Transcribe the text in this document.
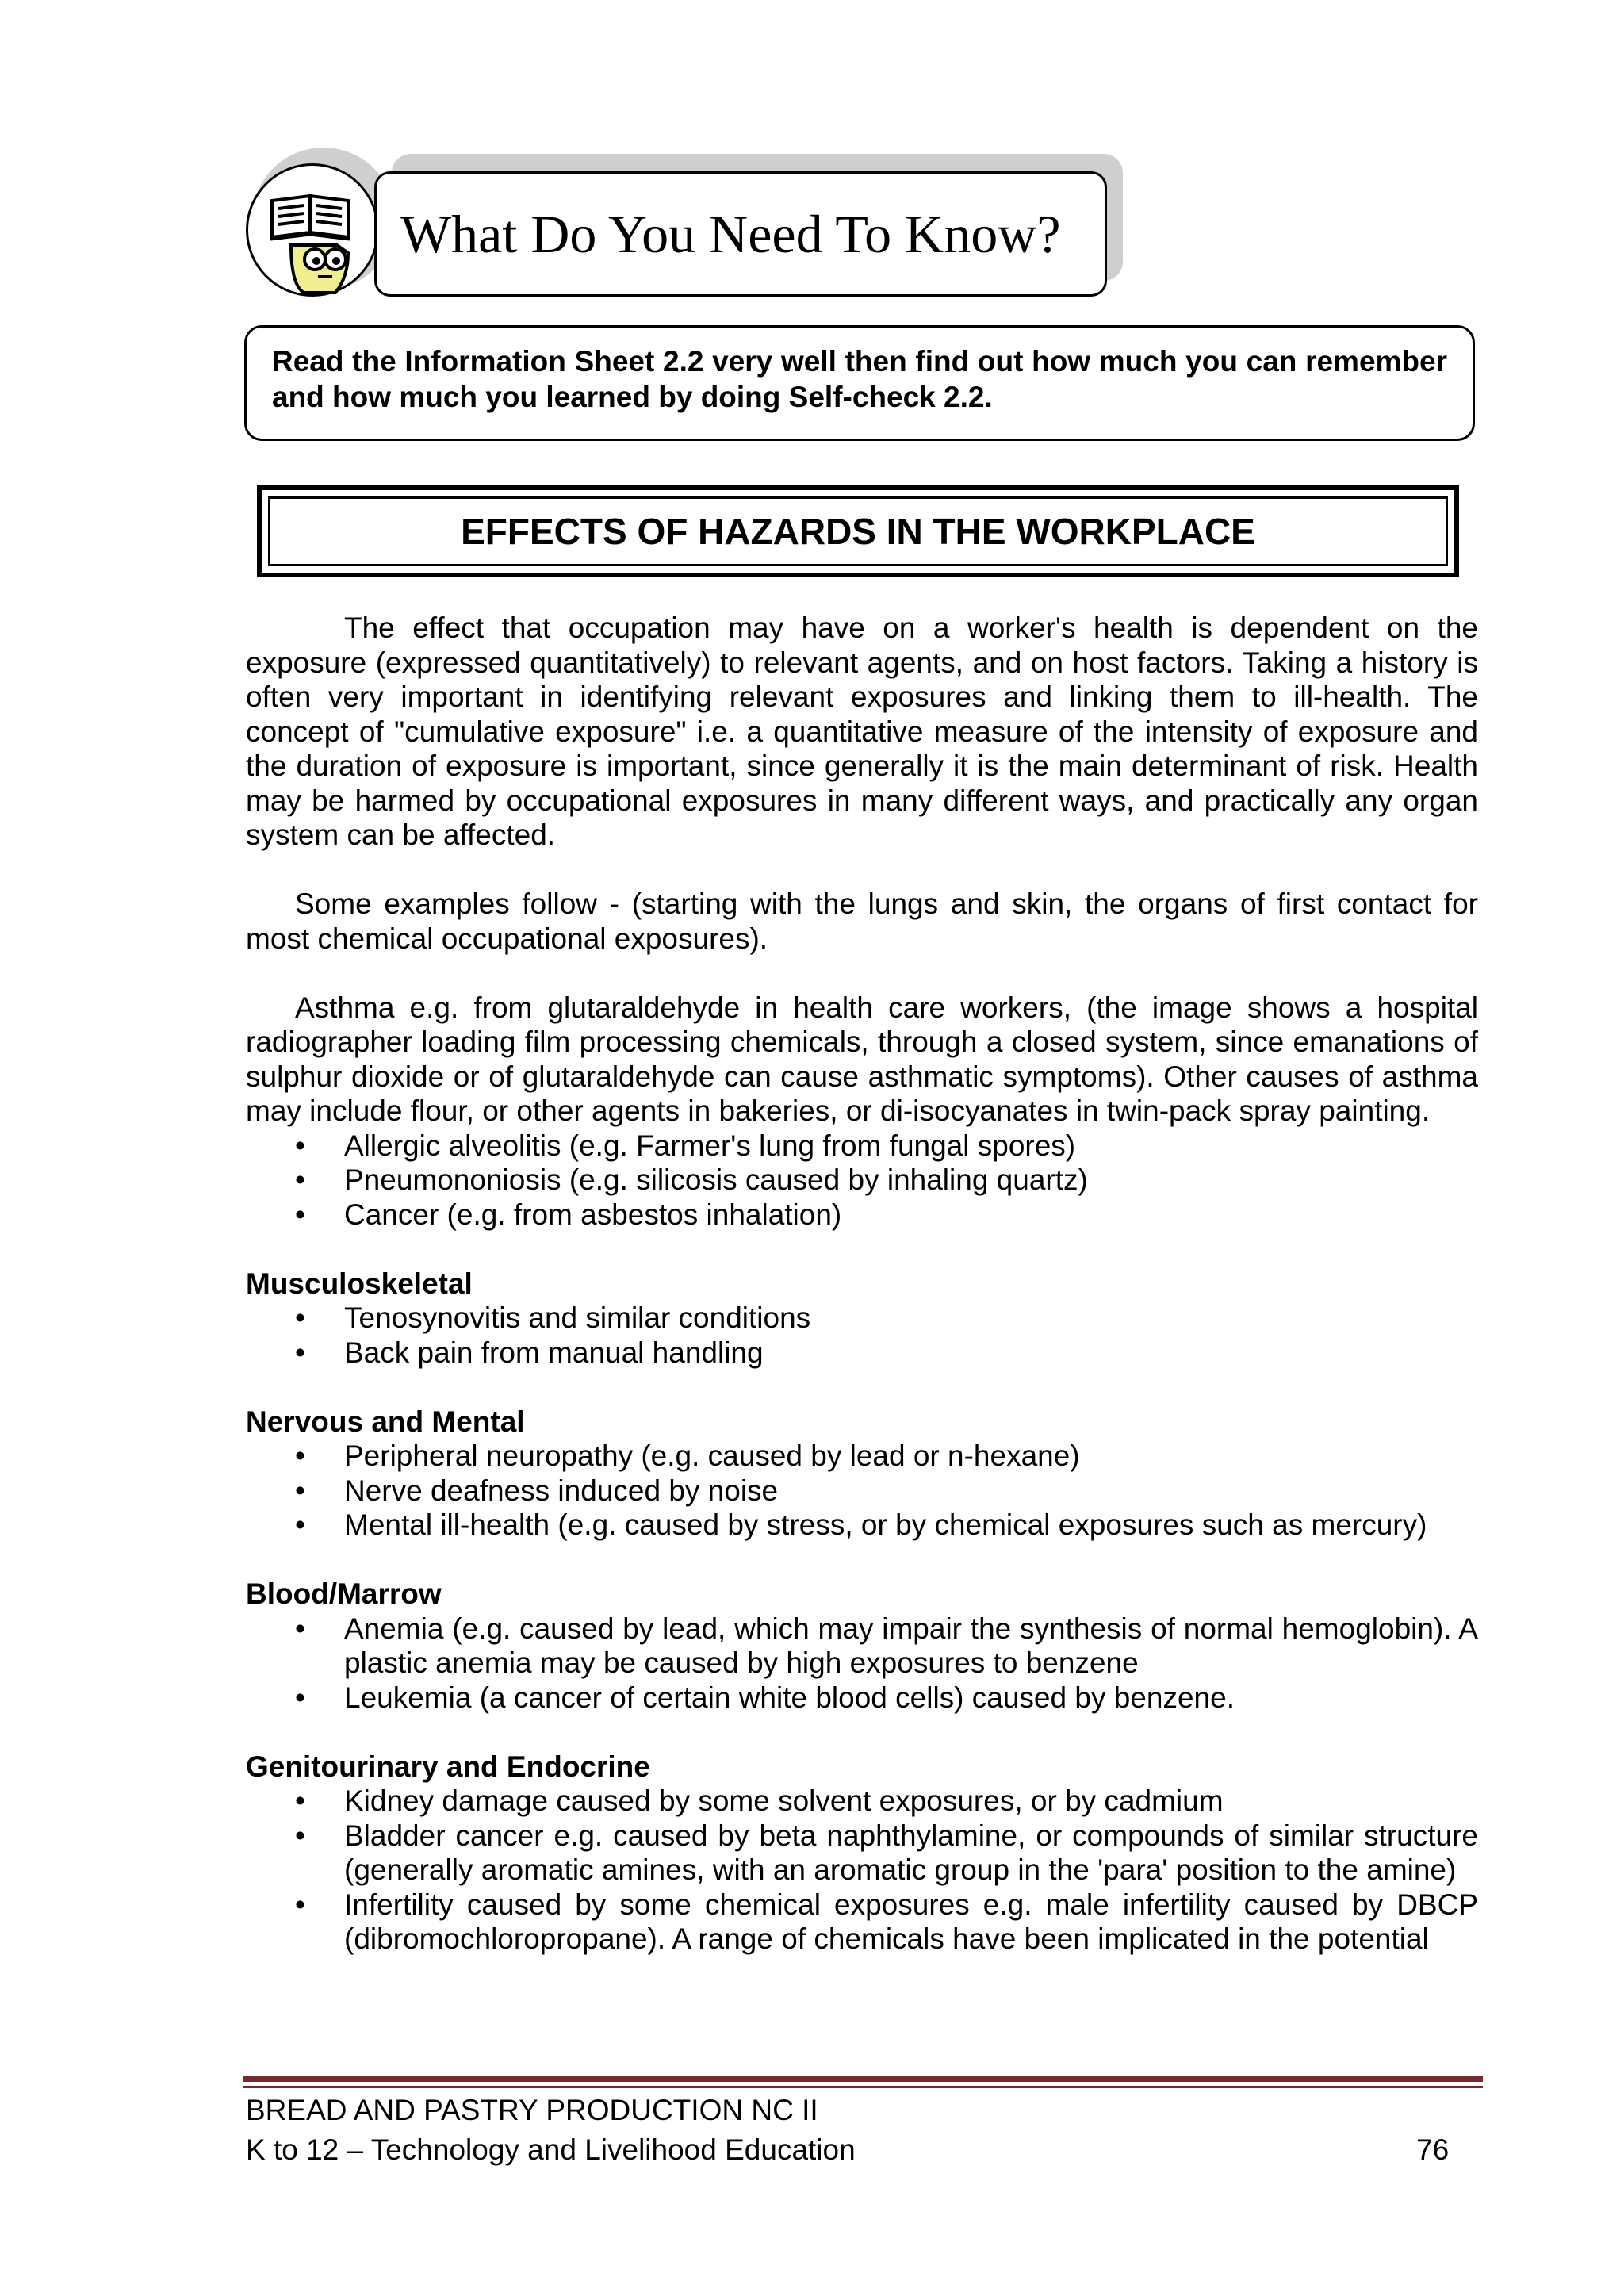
What Do You Need To Know?
Read the Information Sheet 2.2 very well then find out how much you can remember and how much you learned by doing Self-check 2.2.
EFFECTS OF HAZARDS IN THE WORKPLACE

The effect that occupation may have on a worker's health is dependent on the exposure (expressed quantitatively) to relevant agents, and on host factors. Taking a history is often very important in identifying relevant exposures and linking them to ill-health. The concept of "cumulative exposure" i.e. a quantitative measure of the intensity of exposure and the duration of exposure is important, since generally it is the main determinant of risk. Health may be harmed by occupational exposures in many different ways, and practically any organ system can be affected.

Some examples follow - (starting with the lungs and skin, the organs of first contact for most chemical occupational exposures).

Asthma e.g. from glutaraldehyde in health care workers, (the image shows a hospital radiographer loading film processing chemicals, through a closed system, since emanations of sulphur dioxide or of glutaraldehyde can cause asthmatic symptoms). Other causes of asthma may include flour, or other agents in bakeries, or di-isocyanates in twin-pack spray painting.

• Allergic alveolitis (e.g. Farmer's lung from fungal spores)
• Pneumononiosis (e.g. silicosis caused by inhaling quartz)
• Cancer (e.g. from asbestos inhalation)

Musculoskeletal

• Tenosynovitis and similar conditions
• Back pain from manual handling

Nervous and Mental

• Peripheral neuropathy (e.g. caused by lead or n-hexane)
• Nerve deafness induced by noise
• Mental ill-health (e.g. caused by stress, or by chemical exposures such as mercury)

Blood/Marrow

• Anemia (e.g. caused by lead, which may impair the synthesis of normal hemoglobin). A plastic anemia may be caused by high exposures to benzene
• Leukemia (a cancer of certain white blood cells) caused by benzene.

Genitourinary and Endocrine

• Kidney damage caused by some solvent exposures, or by cadmium
• Bladder cancer e.g. caused by beta naphthylamine, or compounds of similar structure (generally aromatic amines, with an aromatic group in the 'para' position to the amine)
• Infertility caused by some chemical exposures e.g. male infertility caused by DBCP (dibromochloropropane). A range of chemicals have been implicated in the potential
BREAD AND PASTRY PRODUCTION NC II
K to 12 – Technology and Livelihood Education	76
